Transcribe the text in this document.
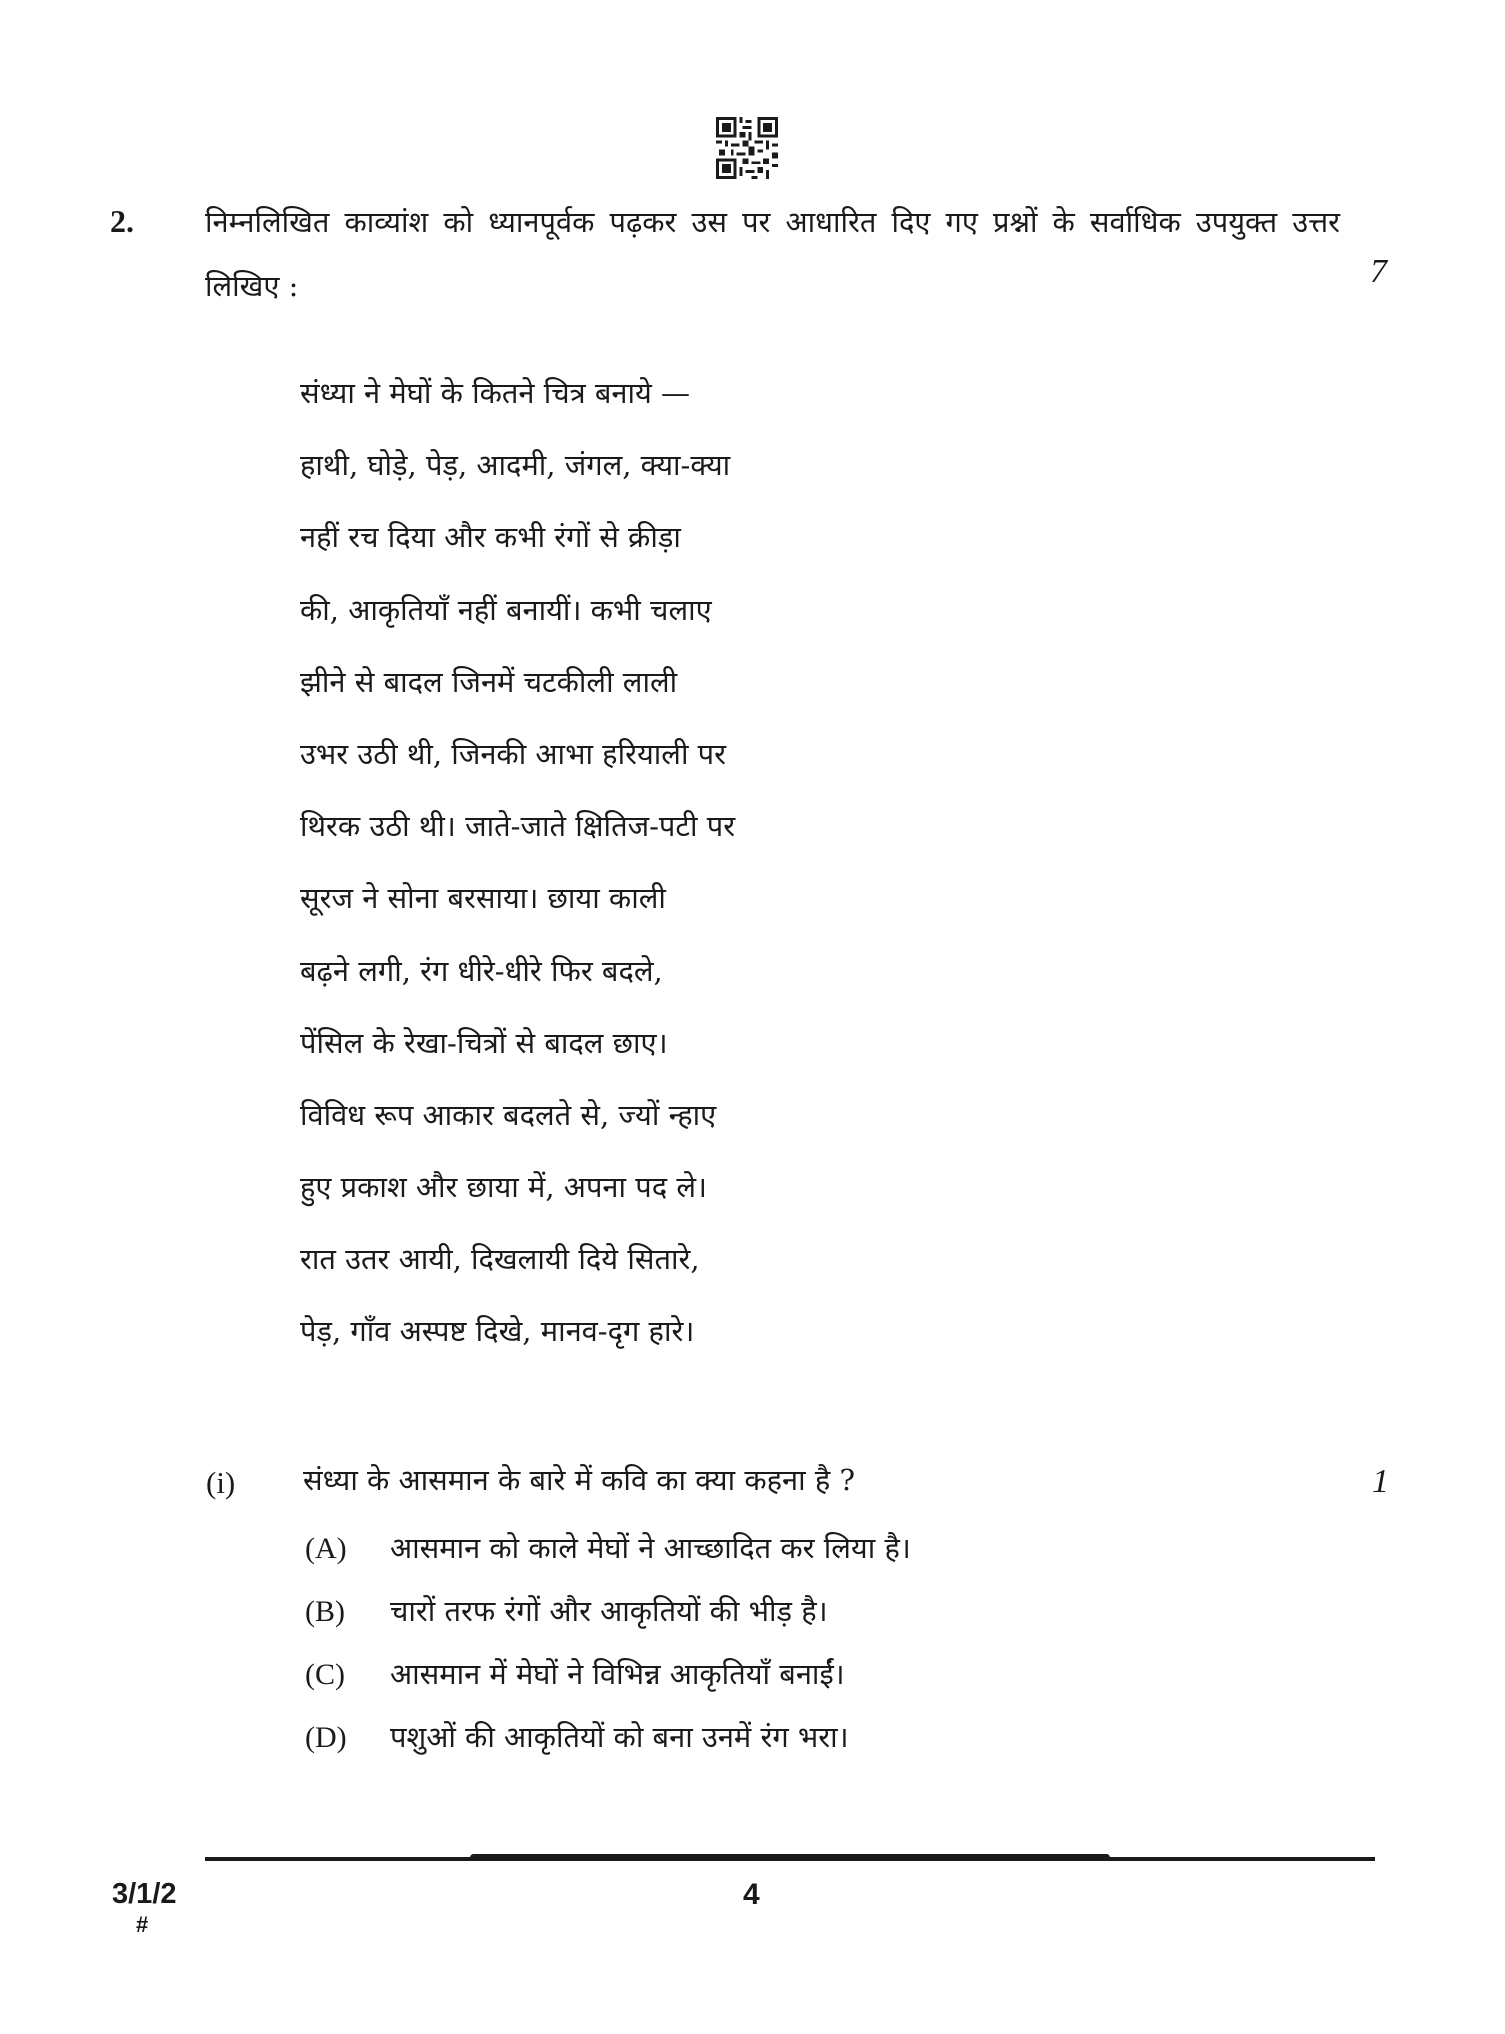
2. निम्नलिखित काव्यांश को ध्यानपूर्वक पढ़कर उस पर आधारित दिए गए प्रश्नों के सर्वाधिक उपयुक्त उत्तर लिखिए :	7
संध्या ने मेघों के कितने चित्र बनाये —
हाथी, घोड़े, पेड़, आदमी, जंगल, क्या-क्या
नहीं रच दिया और कभी रंगों से क्रीड़ा
की, आकृतियाँ नहीं बनायीं। कभी चलाए
झीने से बादल जिनमें चटकीली लाली
उभर उठी थी, जिनकी आभा हरियाली पर
थिरक उठी थी। जाते-जाते क्षितिज-पटी पर
सूरज ने सोना बरसाया। छाया काली
बढ़ने लगी, रंग धीरे-धीरे फिर बदले,
पेंसिल के रेखा-चित्रों से बादल छाए।
विविध रूप आकार बदलते से, ज्यों न्हाए
हुए प्रकाश और छाया में, अपना पद ले।
रात उतर आयी, दिखलायी दिये सितारे,
पेड़, गाँव अस्पष्ट दिखे, मानव-दृग हारे।
(i) संध्या के आसमान के बारे में कवि का क्या कहना है ?	1
(A) आसमान को काले मेघों ने आच्छादित कर लिया है।
(B) चारों तरफ रंगों और आकृतियों की भीड़ है।
(C) आसमान में मेघों ने विभिन्न आकृतियाँ बनाईं।
(D) पशुओं की आकृतियों को बना उनमें रंग भरा।
3/1/2
#
4
